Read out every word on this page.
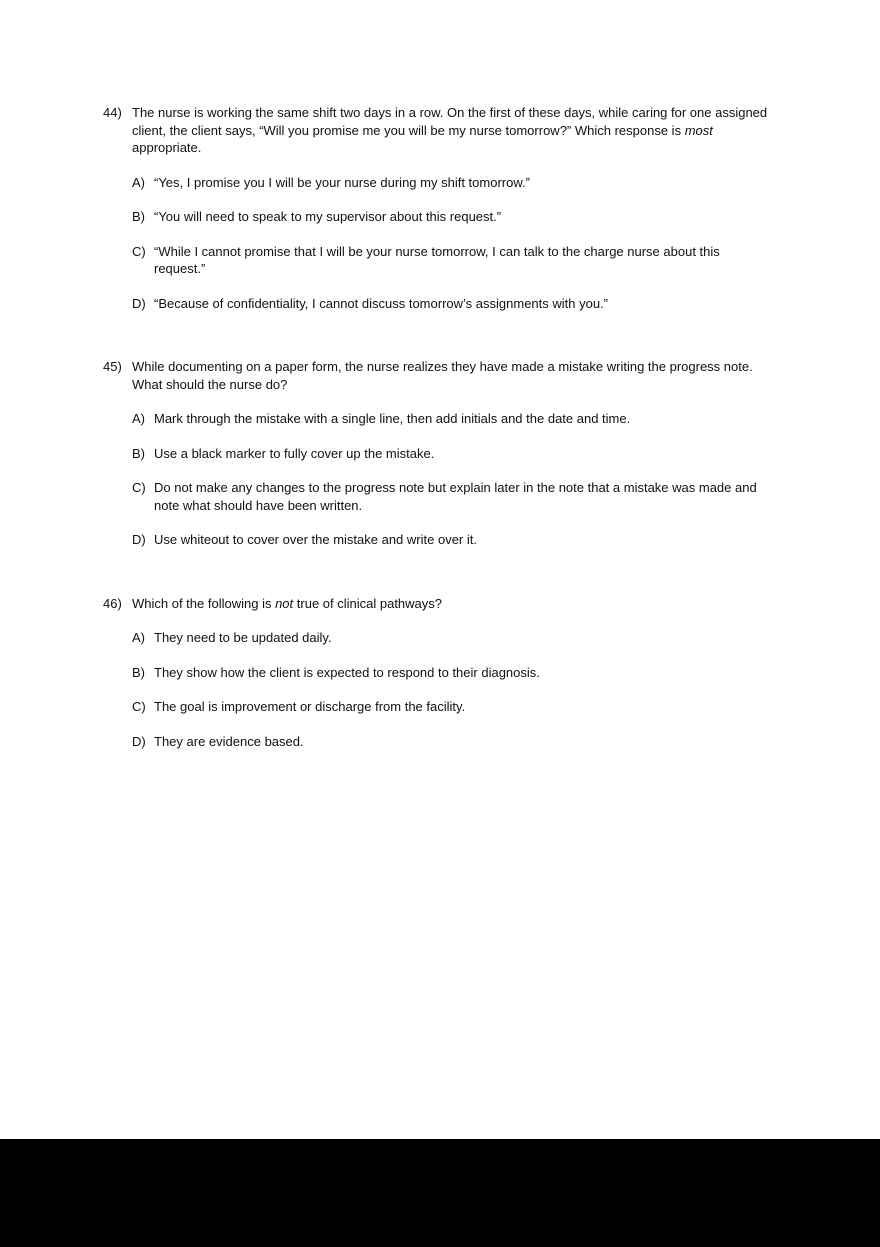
44) The nurse is working the same shift two days in a row. On the first of these days, while caring for one assigned client, the client says, “Will you promise me you will be my nurse tomorrow?” Which response is most appropriate.
A) “Yes, I promise you I will be your nurse during my shift tomorrow.”
B) “You will need to speak to my supervisor about this request.”
C) “While I cannot promise that I will be your nurse tomorrow, I can talk to the charge nurse about this request.”
D) “Because of confidentiality, I cannot discuss tomorrow’s assignments with you.”
45) While documenting on a paper form, the nurse realizes they have made a mistake writing the progress note. What should the nurse do?
A) Mark through the mistake with a single line, then add initials and the date and time.
B) Use a black marker to fully cover up the mistake.
C) Do not make any changes to the progress note but explain later in the note that a mistake was made and note what should have been written.
D) Use whiteout to cover over the mistake and write over it.
46) Which of the following is not true of clinical pathways?
A) They need to be updated daily.
B) They show how the client is expected to respond to their diagnosis.
C) The goal is improvement or discharge from the facility.
D) They are evidence based.
